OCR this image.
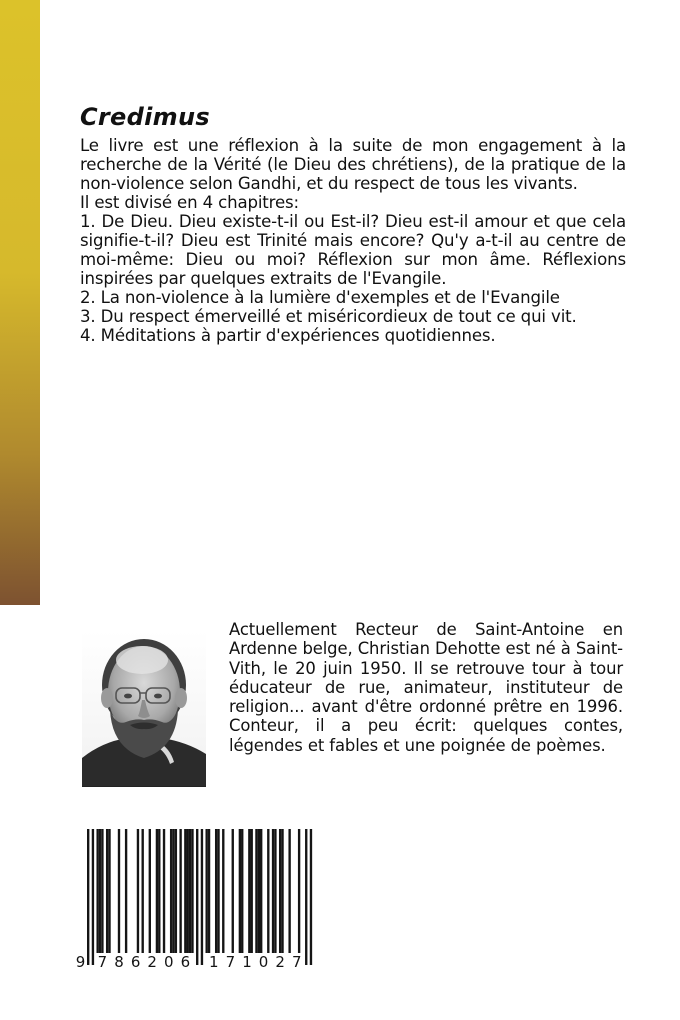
Credimus

Le livre est une réflexion à la suite de mon engagement à la recherche de la Vérité (le Dieu des chrétiens), de la pratique de la non-violence selon Gandhi, et du respect de tous les vivants.

Il est divisé en 4 chapitres:

1. De Dieu. Dieu existe-t-il ou Est-il? Dieu est-il amour et que cela signifie-t-il? Dieu est Trinité mais encore? Qu'y a-t-il au centre de moi-même: Dieu ou moi? Réflexion sur mon âme. Réflexions inspirées par quelques extraits de l'Evangile.

2. La non-violence à la lumière d'exemples et de l'Evangile

3. Du respect émerveillé et miséricordieux de tout ce qui vit.

4. Méditations à partir d'expériences quotidiennes.

Actuellement Recteur de Saint-Antoine en Ardenne belge, Christian Dehotte est né à Saint-Vith, le 20 juin 1950. Il se retrouve tour à tour éducateur de rue, animateur, instituteur de religion... avant d'être ordonné prêtre en 1996. Conteur, il a peu écrit: quelques contes, légendes et fables et une poignée de poèmes.

9 7 8 6 2 0 6 1 7 1 0 2 7
